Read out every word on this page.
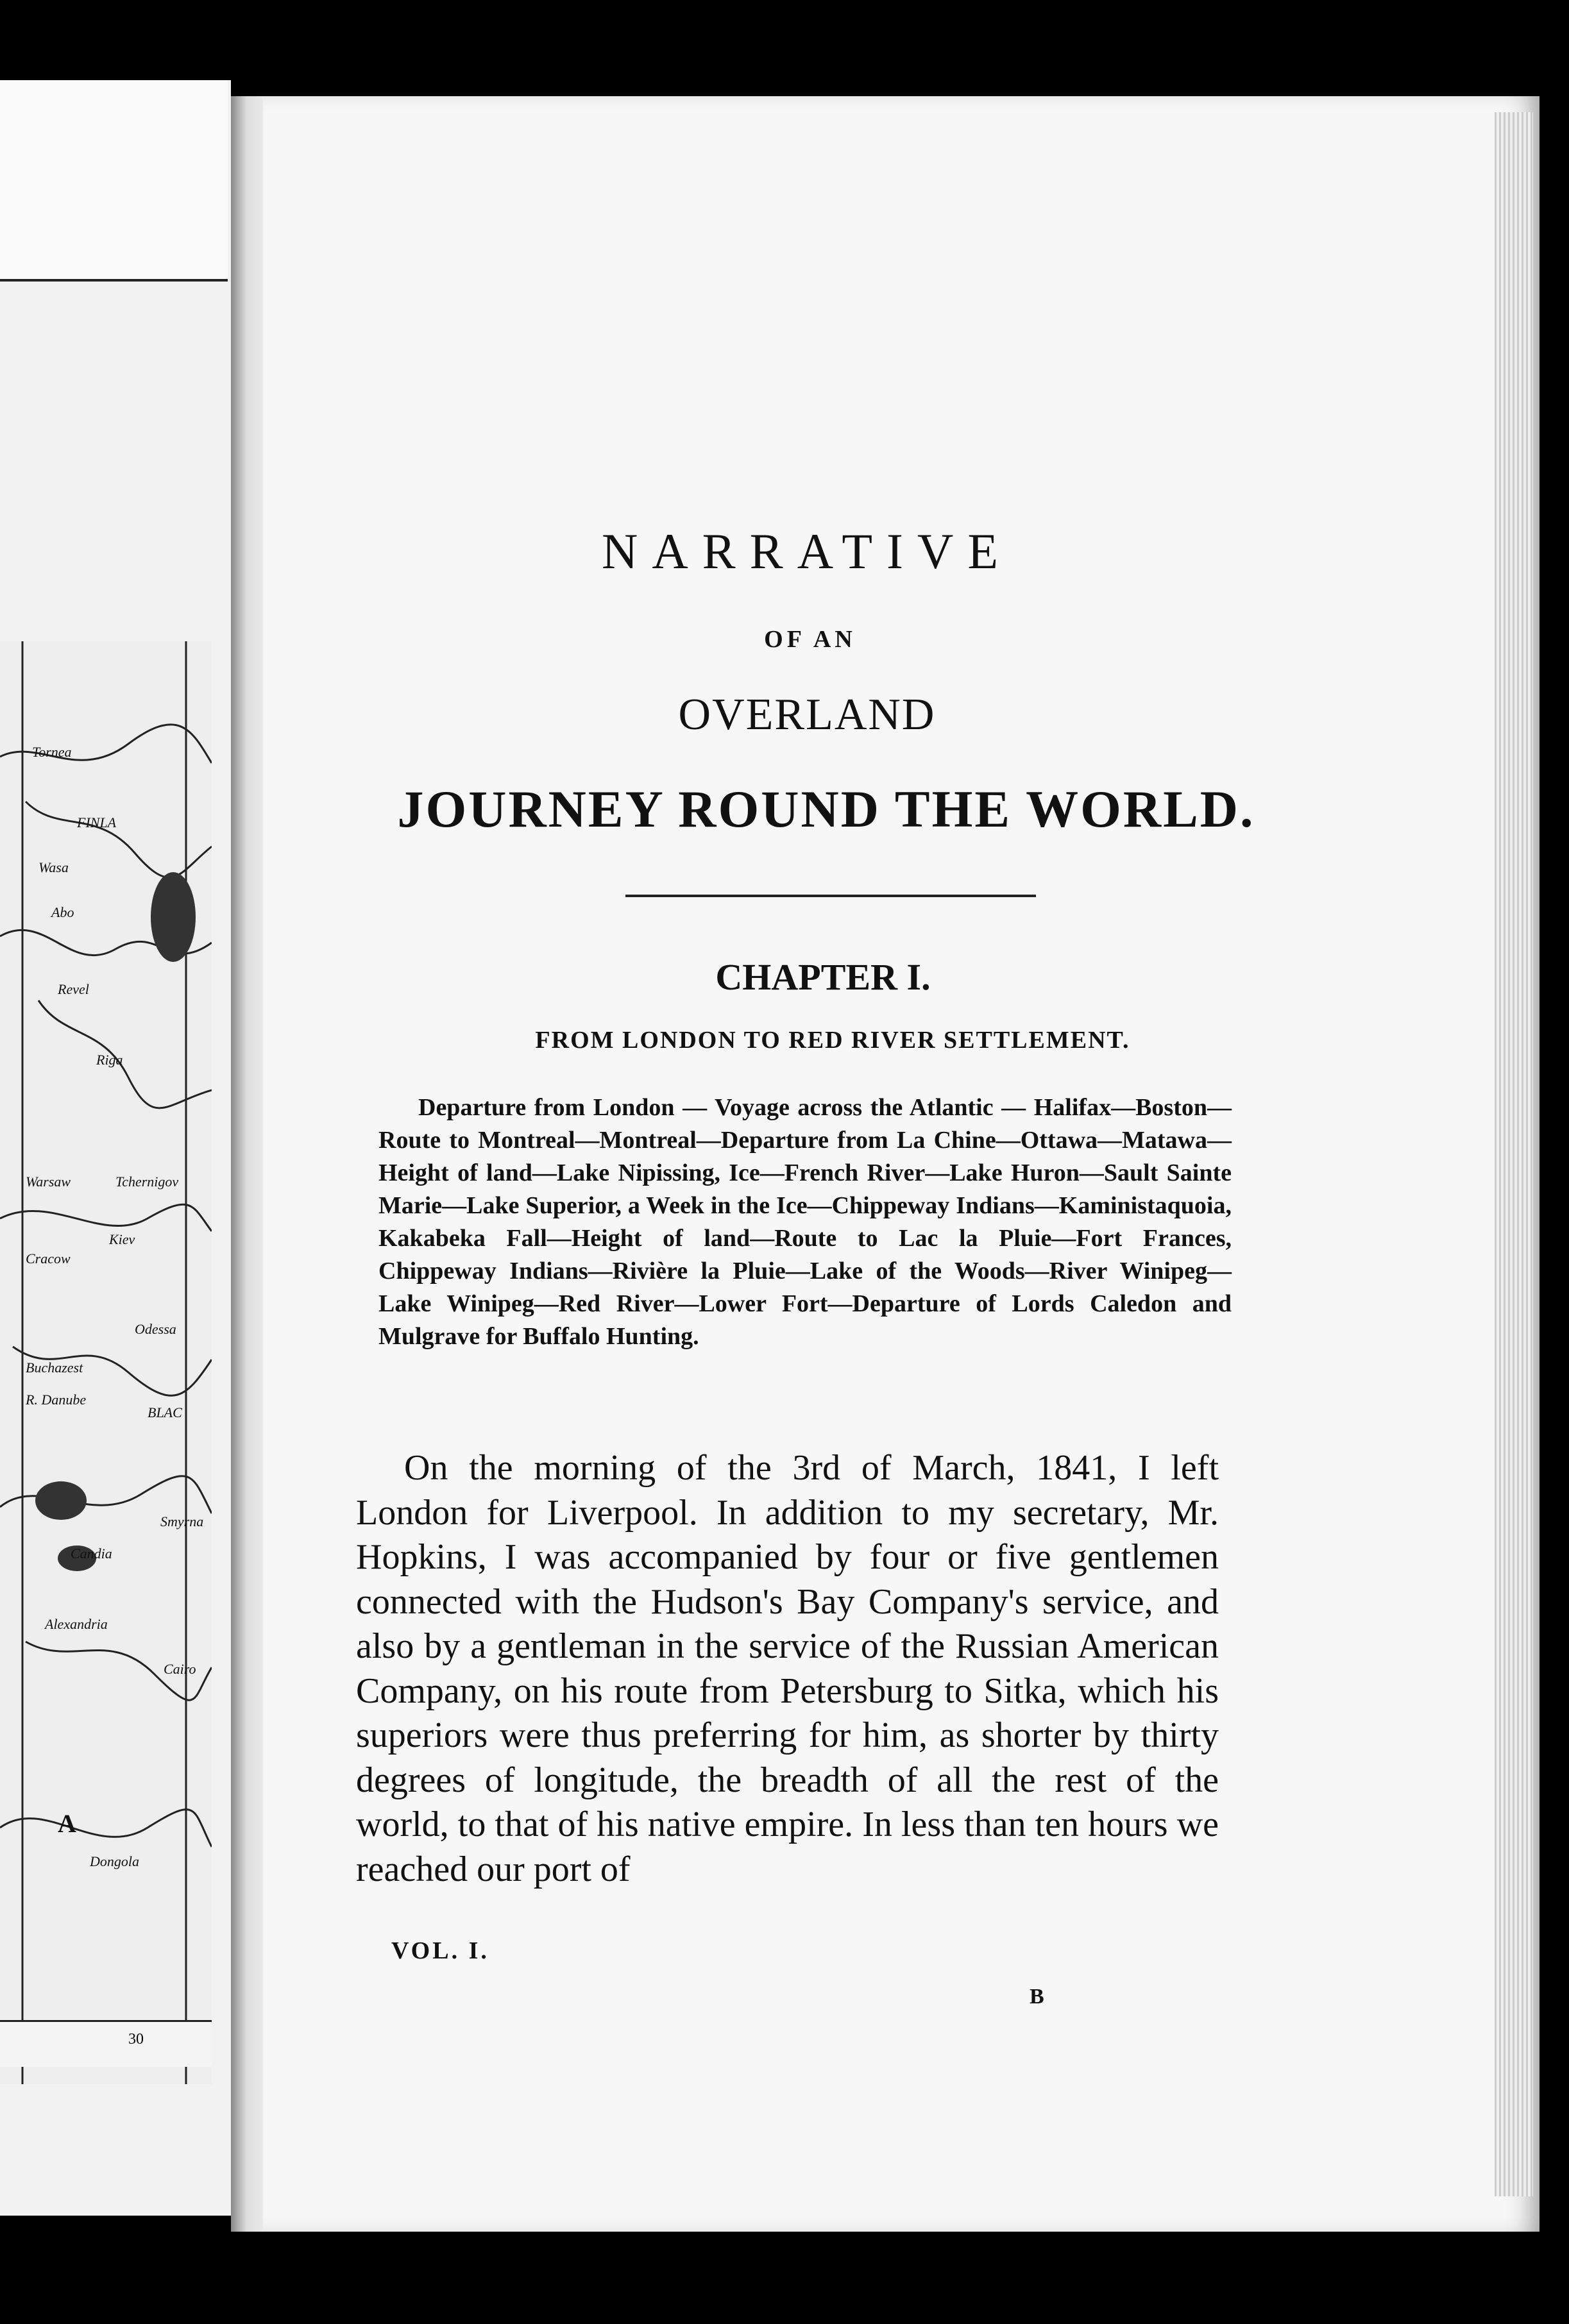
Tornea
FINLA
Wasa
Abo
Revel
Riga
Warsaw
Kiev
Cracow
Tchernigov
Odessa
Buchazest
R. Danube
BLAC
Smyrna
Candia
Alexandria
Cairo
A
Dongola
30
NARRATIVE
OF AN
OVERLAND
JOURNEY ROUND THE WORLD.
CHAPTER I.
FROM LONDON TO RED RIVER SETTLEMENT.
Departure from London — Voyage across the Atlantic — Halifax—Boston—Route to Montreal—Montreal—Departure from La Chine—Ottawa—Matawa—Height of land—Lake Nipissing, Ice—French River—Lake Huron—Sault Sainte Marie—Lake Superior, a Week in the Ice—Chippeway Indians—Kaministaquoia, Kakabeka Fall—Height of land—Route to Lac la Pluie—Fort Frances, Chippeway Indians—Rivière la Pluie—Lake of the Woods—River Winipeg—Lake Winipeg—Red River—Lower Fort—Departure of Lords Caledon and Mulgrave for Buffalo Hunting.
On the morning of the 3rd of March, 1841, I left London for Liverpool. In addition to my secretary, Mr. Hopkins, I was accompanied by four or five gentlemen connected with the Hudson's Bay Company's service, and also by a gentleman in the service of the Russian American Company, on his route from Petersburg to Sitka, which his superiors were thus preferring for him, as shorter by thirty degrees of longitude, the breadth of all the rest of the world, to that of his native empire. In less than ten hours we reached our port of
VOL. I.
B
